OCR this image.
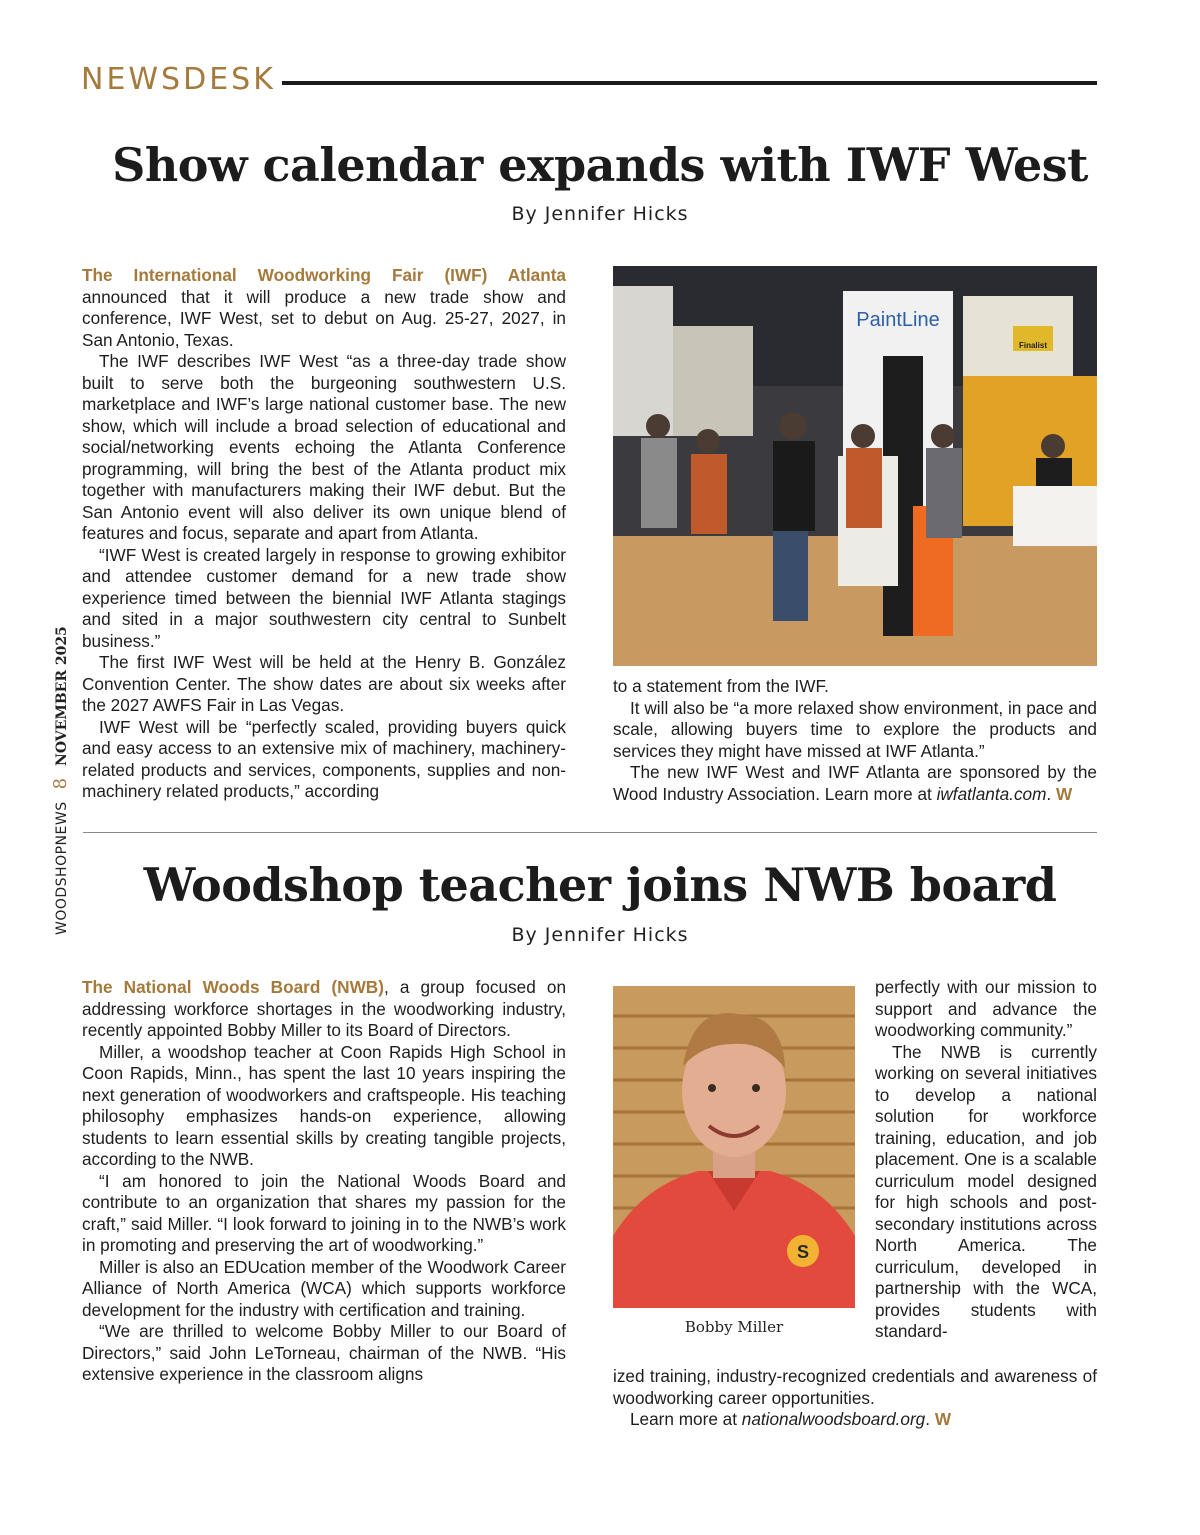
NEWSDESK
WOODSHOPNEWS8NOVEMBER 2025
Show calendar expands with IWF West
By Jennifer Hicks

The International Woodworking Fair (IWF) Atlanta announced that it will produce a new trade show and conference, IWF West, set to debut on Aug. 25-27, 2027, in San Antonio, Texas.

The IWF describes IWF West “as a three-day trade show built to serve both the burgeoning southwestern U.S. marketplace and IWF’s large national customer base. The new show, which will include a broad selection of educational and social/networking events echoing the Atlanta Conference programming, will bring the best of the Atlanta product mix together with manufacturers making their IWF debut. But the San Antonio event will also deliver its own unique blend of features and focus, separate and apart from Atlanta.

“IWF West is created largely in response to growing exhibitor and attendee customer demand for a new trade show experience timed between the biennial IWF Atlanta stagings and sited in a major southwestern city central to Sunbelt business.”

The first IWF West will be held at the Henry B. González Convention Center. The show dates are about six weeks after the 2027 AWFS Fair in Las Vegas.

IWF West will be “perfectly scaled, providing buyers quick and easy access to an extensive mix of machinery, machinery-related products and services, components, supplies and non-machinery related products,” according

Finalist
PaintLine

to a statement from the IWF.

It will also be “a more relaxed show environment, in pace and scale, allowing buyers time to explore the products and services they might have missed at IWF Atlanta.”

The new IWF West and IWF Atlanta are sponsored by the Wood Industry Association. Learn more at iwfatlanta.com. W

Woodshop teacher joins NWB board
By Jennifer Hicks

The National Woods Board (NWB), a group focused on addressing workforce shortages in the woodworking industry, recently appointed Bobby Miller to its Board of Directors.

Miller, a woodshop teacher at Coon Rapids High School in Coon Rapids, Minn., has spent the last 10 years inspiring the next generation of woodworkers and craftspeople. His teaching philosophy emphasizes hands-on experience, allowing students to learn essential skills by creating tangible projects, according to the NWB.

“I am honored to join the National Woods Board and contribute to an organization that shares my passion for the craft,” said Miller. “I look forward to joining in to the NWB’s work in promoting and preserving the art of woodworking.”

Miller is also an EDUcation member of the Woodwork Career Alliance of North America (WCA) which supports workforce development for the industry with certification and training.

“We are thrilled to welcome Bobby Miller to our Board of Directors,” said John LeTorneau, chairman of the NWB. “His extensive experience in the classroom aligns

S
Bobby Miller

perfectly with our mission to support and advance the woodworking community.”

The NWB is currently working on several initiatives to develop a national solution for workforce training, education, and job placement. One is a scalable curriculum model designed for high schools and post-secondary institutions across North America. The curriculum, developed in partnership with the WCA, provides students with standard-

ized training, industry-recognized credentials and awareness of woodworking career opportunities.

Learn more at nationalwoodsboard.org. W
